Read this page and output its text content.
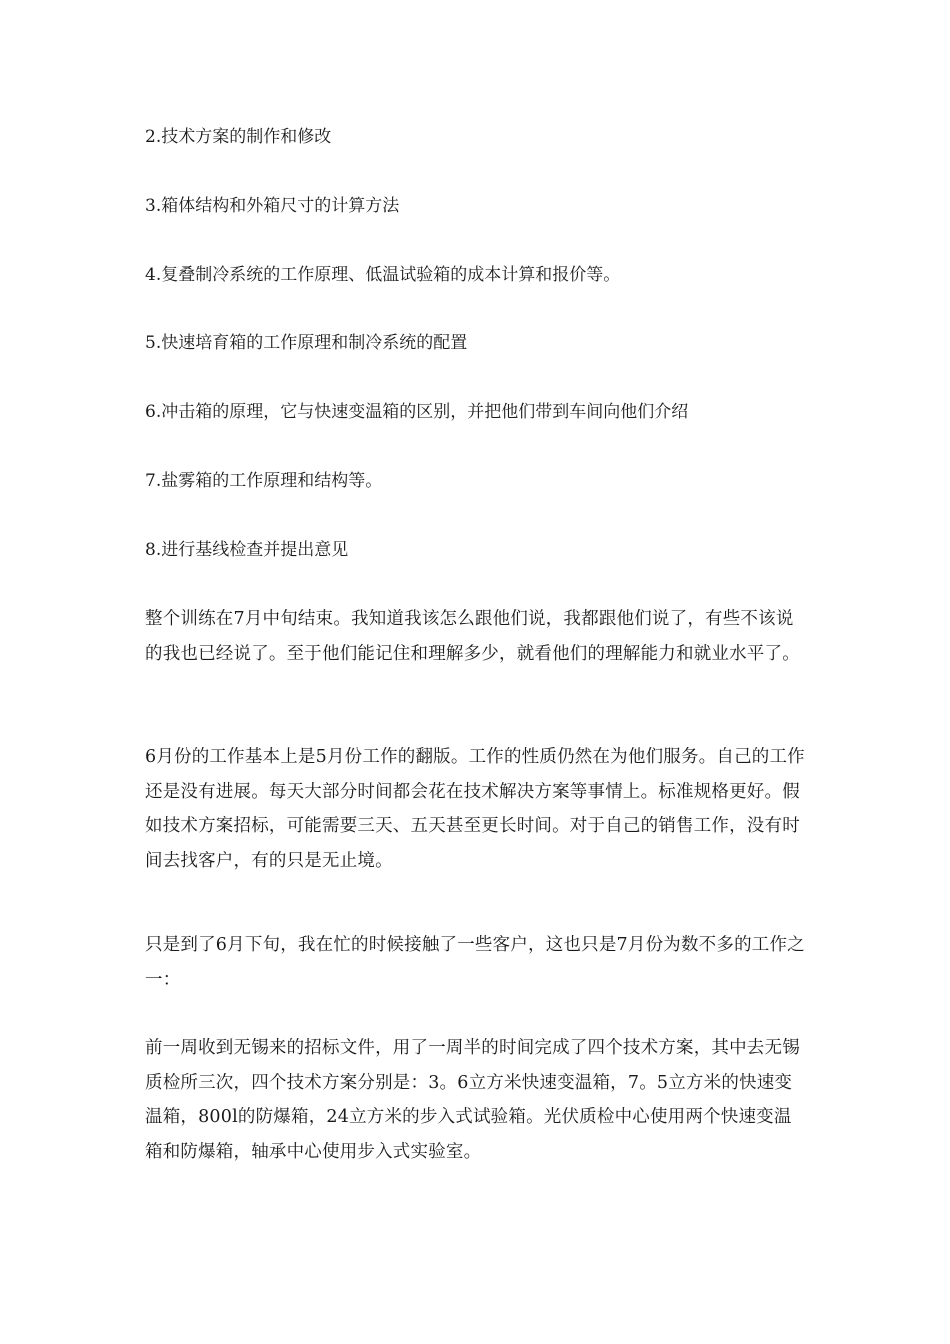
2.技术方案的制作和修改
3.箱体结构和外箱尺寸的计算方法
4.复叠制冷系统的工作原理、低温试验箱的成本计算和报价等。
5.快速培育箱的工作原理和制冷系统的配置
6.冲击箱的原理，它与快速变温箱的区别，并把他们带到车间向他们介绍
7.盐雾箱的工作原理和结构等。
8.进行基线检查并提出意见
整个训练在7月中旬结束。我知道我该怎么跟他们说，我都跟他们说了，有些不该说的我也已经说了。至于他们能记住和理解多少，就看他们的理解能力和就业水平了。
6月份的工作基本上是5月份工作的翻版。工作的性质仍然在为他们服务。自己的工作还是没有进展。每天大部分时间都会花在技术解决方案等事情上。标准规格更好。假如技术方案招标，可能需要三天、五天甚至更长时间。对于自己的销售工作，没有时间去找客户，有的只是无止境。
只是到了6月下旬，我在忙的时候接触了一些客户，这也只是7月份为数不多的工作之一：
前一周收到无锡来的招标文件，用了一周半的时间完成了四个技术方案，其中去无锡质检所三次，四个技术方案分别是：3。6立方米快速变温箱，7。5立方米的快速变温箱，800l的防爆箱，24立方米的步入式试验箱。光伏质检中心使用两个快速变温箱和防爆箱，轴承中心使用步入式实验室。
